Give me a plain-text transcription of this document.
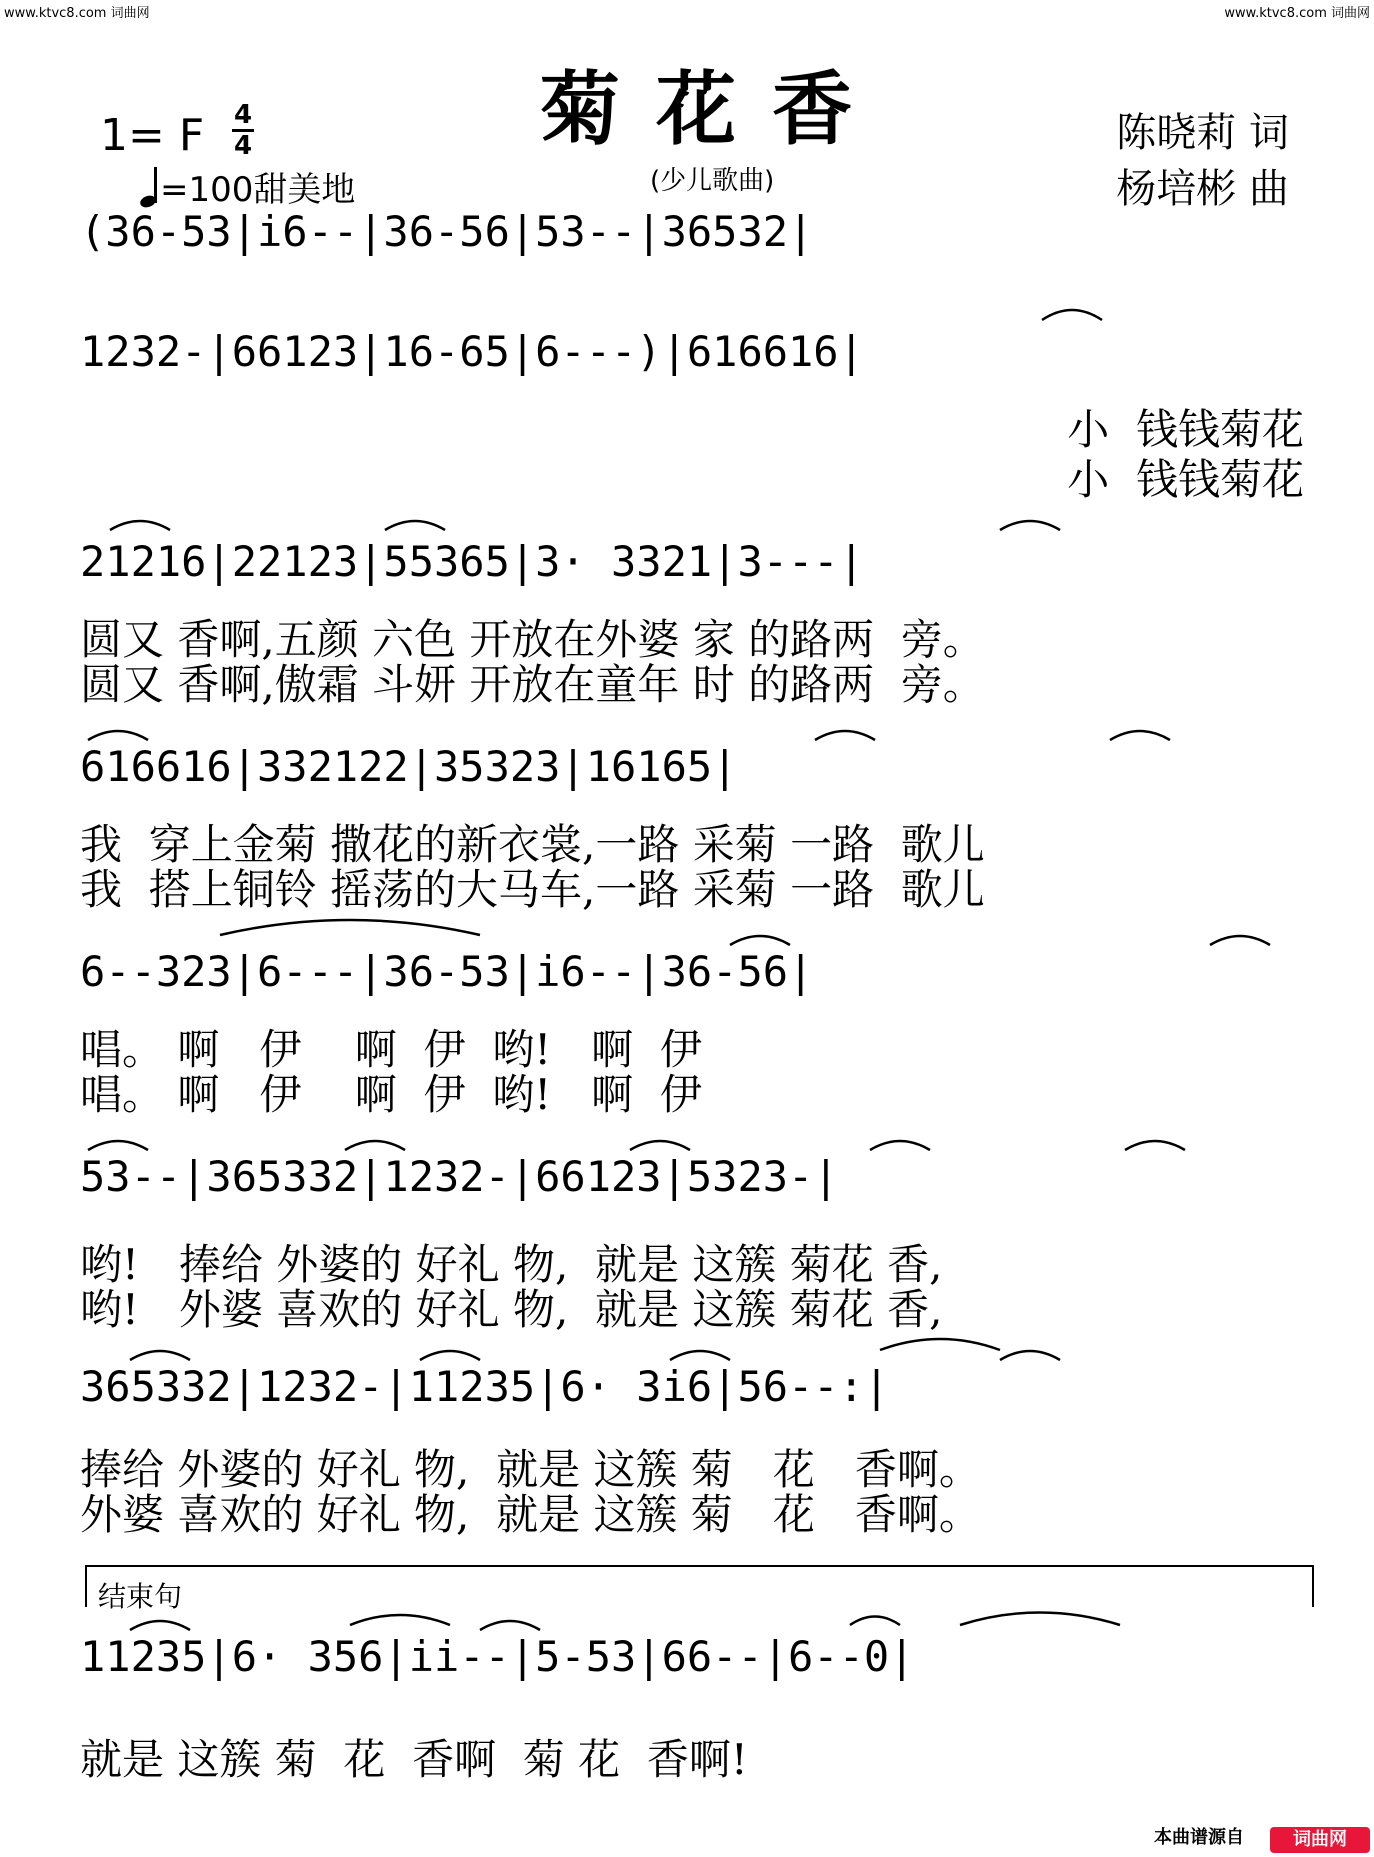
www.ktvc8.com 词曲网	www.ktvc8.com 词曲网
1= F 4
4
=100甜美地
菊花香
(少儿歌曲)
陈晓莉 词
杨培彬 曲
(36-53|i6--|36-56|53--|36532|
1232-|66123|16-65|6---)|616616|
小  钱钱菊花
小  钱钱菊花
21216|22123|55365|3· 3321|3---|
圆又 香啊,五颜 六色 开放在外婆 家 的路两  旁。
圆又 香啊,傲霜 斗妍 开放在童年 时 的路两  旁。
616616|332122|35323|16165|
我  穿上金菊 撒花的新衣裳,一路 采菊 一路  歌儿
我  搭上铜铃 摇荡的大马车,一路 采菊 一路  歌儿
6--323|6---|36-53|i6--|36-56|
唱。 啊   伊    啊  伊  哟!   啊  伊
唱。 啊   伊    啊  伊  哟!   啊  伊
53--|365332|1232-|66123|5323-|
哟!   捧给 外婆的 好礼 物,  就是 这簇 菊花 香,
哟!   外婆 喜欢的 好礼 物,  就是 这簇 菊花 香,
365332|1232-|11235|6· 3i6|56--:|
捧给 外婆的 好礼 物,  就是 这簇 菊   花   香啊。
外婆 喜欢的 好礼 物,  就是 这簇 菊   花   香啊。
结束句
11235|6· 356|ii--|5-53|66--|6--0|
就是 这簇 菊  花  香啊  菊 花  香啊!
本曲谱源自	词曲网
